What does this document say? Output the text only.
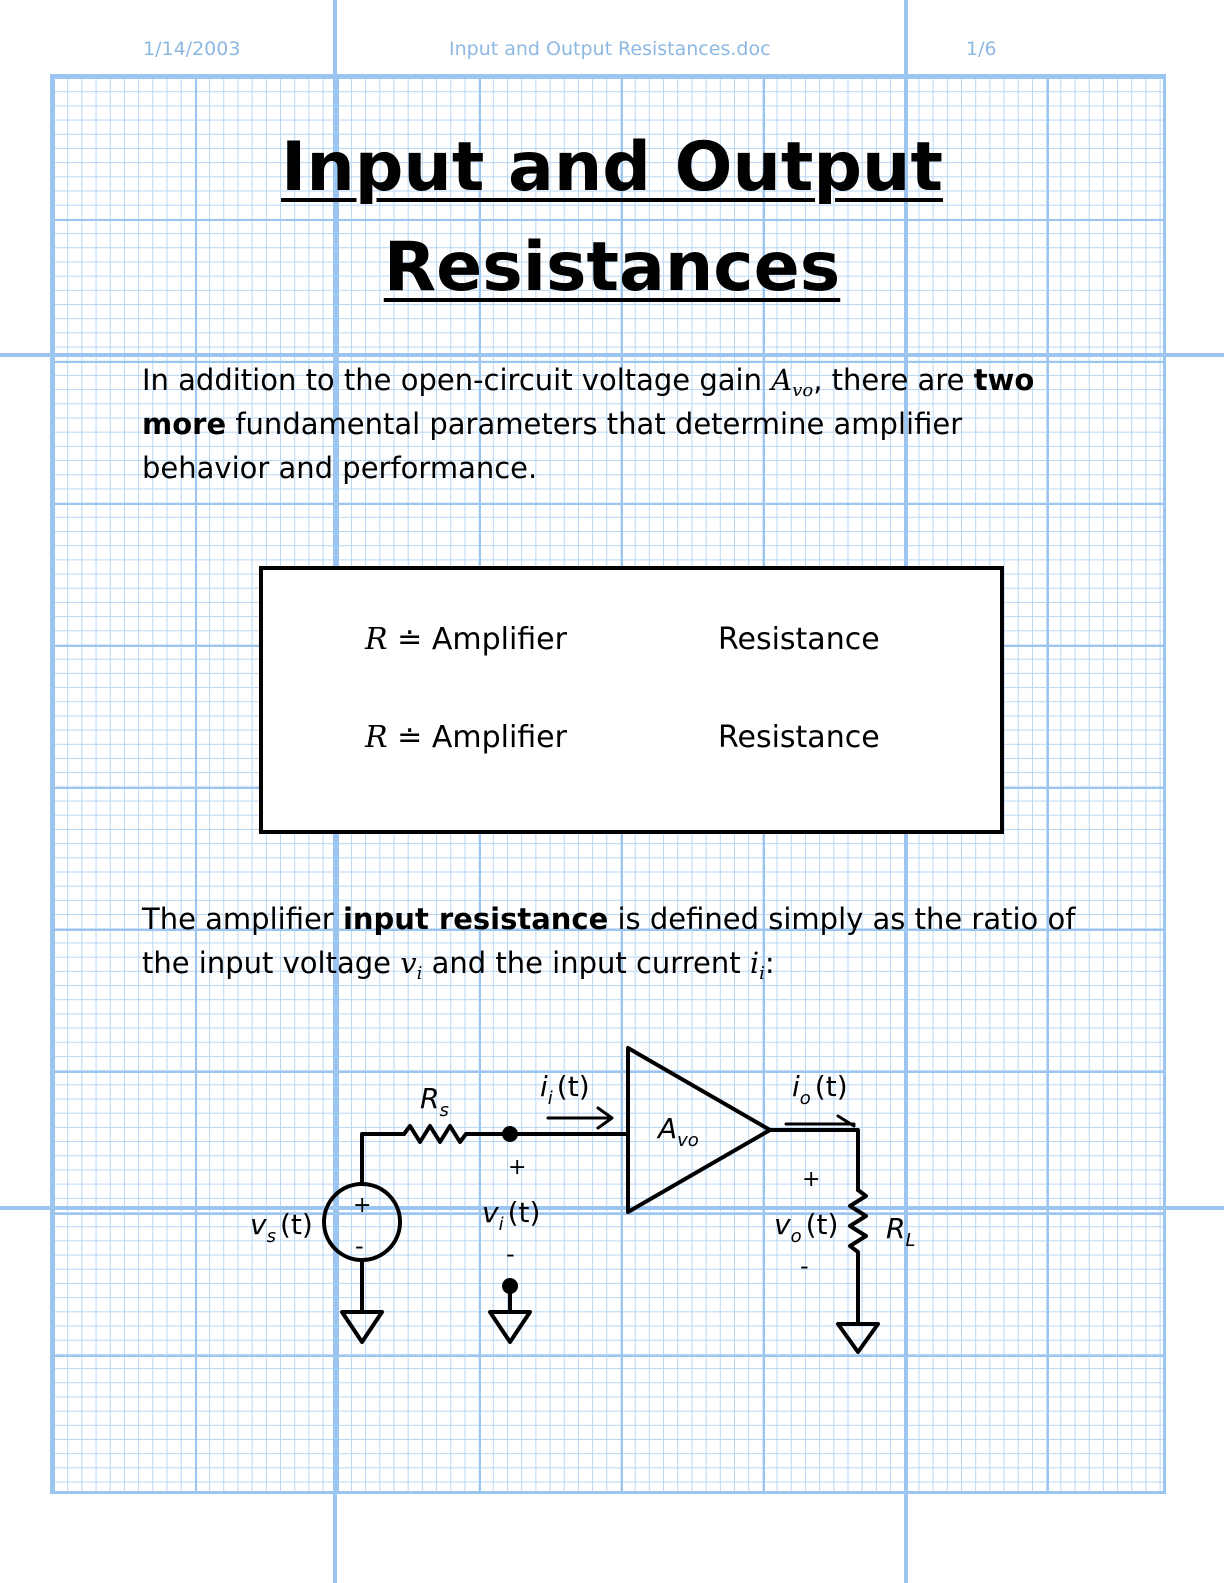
1/14/2003	Input and Output Resistances.doc	1/6
Input and Output
Resistances
In addition to the open-circuit voltage gain $A_{vo}$, there are two more fundamental parameters that determine amplifier behavior and performance.
R ≐ Amplifier	Resistance
R ≐ Amplifier	Resistance
The amplifier input resistance is defined simply as the ratio of the input voltage $v_i$ and the input current $i_i$:
+
-
$R_s$
$i_i$ (t)
$A_{vo}$
$i_o$ (t)
$v_s$ (t)
+
$v_i$ (t)
-
+
$v_o$ (t)
-
$R_L$
